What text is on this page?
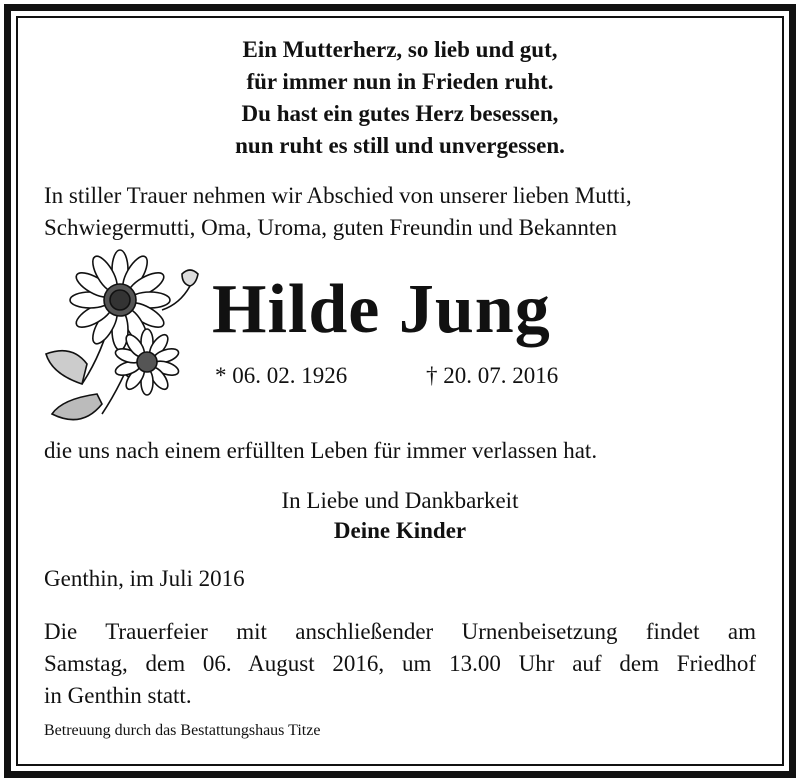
Ein Mutterherz, so lieb und gut,
für immer nun in Frieden ruht.
Du hast ein gutes Herz besessen,
nun ruht es still und unvergessen.
In stiller Trauer nehmen wir Abschied von unserer lieben Mutti,
Schwiegermutti, Oma, Uroma, guten Freundin und Bekannten
Hilde Jung
* 06. 02. 1926	† 20. 07. 2016
die uns nach einem erfüllten Leben für immer verlassen hat.
In Liebe und Dankbarkeit
Deine Kinder
Genthin, im Juli 2016
Die Trauerfeier mit anschließender Urnenbeisetzung findet am
Samstag, dem 06. August 2016, um 13.00 Uhr auf dem Friedhof
in Genthin statt.
Betreuung durch das Bestattungshaus Titze
